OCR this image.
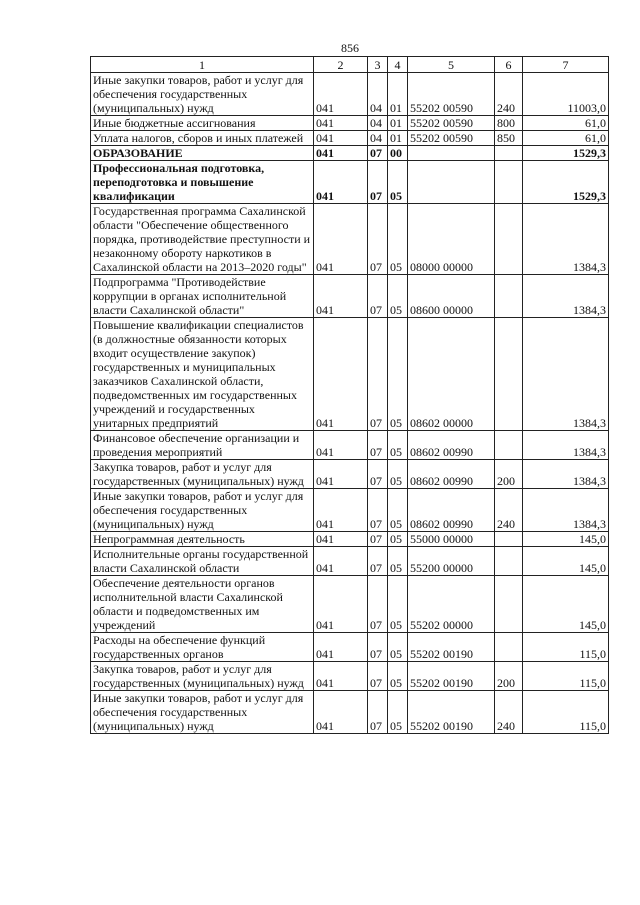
856
1	2	3	4	5	6	7
Иные закупки товаров, работ и услуг для обеспечения государственных (муниципальных) нужд	041	04	01	55202 00590	240	11003,0
Иные бюджетные ассигнования	041	04	01	55202 00590	800	61,0
Уплата налогов, сборов и иных платежей	041	04	01	55202 00590	850	61,0
ОБРАЗОВАНИЕ	041	07	00			1529,3
Профессиональная подготовка, переподготовка и повышение квалификации	041	07	05			1529,3
Государственная программа Сахалинской области "Обеспечение общественного порядка, противодействие преступности и незаконному обороту наркотиков в Сахалинской области на 2013–2020 годы"	041	07	05	08000 00000		1384,3
Подпрограмма "Противодействие коррупции в органах исполнительной власти Сахалинской области"	041	07	05	08600 00000		1384,3
Повышение квалификации специалистов (в должностные обязанности которых входит осуществление закупок) государственных и муниципальных заказчиков Сахалинской области, подведомственных им государственных учреждений и государственных унитарных предприятий	041	07	05	08602 00000		1384,3
Финансовое обеспечение организации и проведения мероприятий	041	07	05	08602 00990		1384,3
Закупка товаров, работ и услуг для государственных (муниципальных) нужд	041	07	05	08602 00990	200	1384,3
Иные закупки товаров, работ и услуг для обеспечения государственных (муниципальных) нужд	041	07	05	08602 00990	240	1384,3
Непрограммная деятельность	041	07	05	55000 00000		145,0
Исполнительные органы государственной власти Сахалинской области	041	07	05	55200 00000		145,0
Обеспечение деятельности органов исполнительной власти Сахалинской области и подведомственных им учреждений	041	07	05	55202 00000		145,0
Расходы на обеспечение функций государственных органов	041	07	05	55202 00190		115,0
Закупка товаров, работ и услуг для государственных (муниципальных) нужд	041	07	05	55202 00190	200	115,0
Иные закупки товаров, работ и услуг для обеспечения государственных (муниципальных) нужд	041	07	05	55202 00190	240	115,0
